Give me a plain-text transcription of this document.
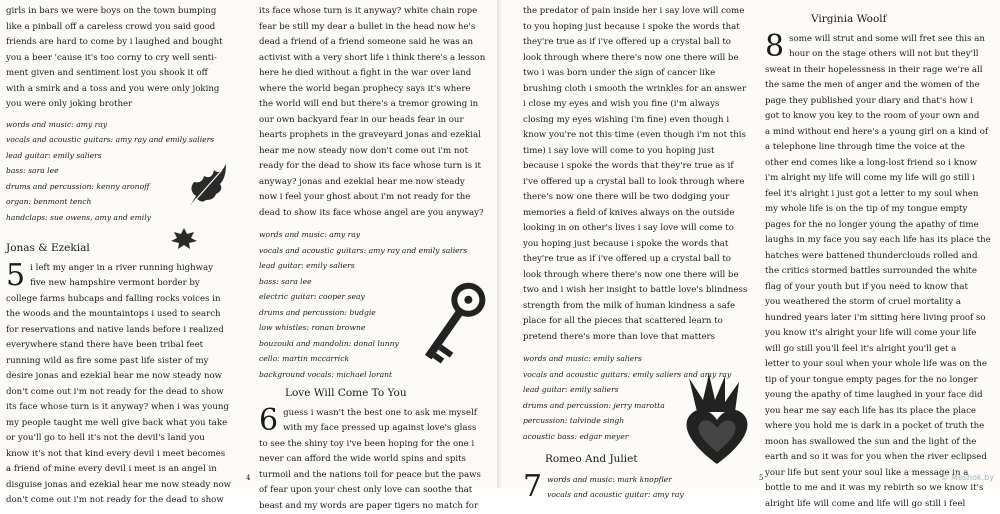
girls in bars we were boys on the town bumping

like a pinball off a careless crowd you said good

friends are hard to come by i laughed and bought

you a beer 'cause it's too corny to cry well senti-

ment given and sentiment lost you shook it off

with a smirk and a toss and you were only joking

you were only joking brother

words and music: amy ray
vocals and acoustic guitars: amy ray and emily saliers
lead guitar: emily saliers
bass: sara lee
drums and percussion: kenny aronoff
organ: benmont tench
handclaps: sue owens, amy and emily
Jonas & Ezekial
5 i left my anger in a river running highway

five new hampshire vermont border by

college farms hubcaps and falling rocks voices in

the woods and the mountaintops i used to search

for reservations and native lands before i realized

everywhere stand there have been tribal feet

running wild as fire some past life sister of my

desire jonas and ezekial hear me now steady now

don't come out i'm not ready for the dead to show

its face whose turn is it anyway? when i was young

my people taught me well give back what you take

or you'll go to hell it's not the devil's land you

know it's not that kind every devil i meet becomes

a friend of mine every devil i meet is an angel in

disguise jonas and ezekial hear me now steady now

don't come out i'm not ready for the dead to show

its face whose turn is it anyway? white chain rope

fear be still my dear a bullet in the head now he's

dead a friend of a friend someone said he was an

activist with a very short life i think there's a lesson

here he died without a fight in the war over land

where the world began prophecy says it's where

the world will end but there's a tremor growing in

our own backyard fear in our heads fear in our

hearts prophets in the graveyard jonas and ezekial

hear me now steady now don't come out i'm not

ready for the dead to show its face whose turn is it

anyway? jonas and ezekial hear me now steady

now i feel your ghost about i'm not ready for the

dead to show its face whose angel are you anyway?

words and music: amy ray
vocals and acoustic guitars: amy ray and emily saliers
lead guitar: emily saliers
bass: sara lee
electric guitar: cooper seay
drums and percussion: budgie
low whistles: ronan browne
bouzouki and mandolin: donal lunny
cello: martin mccarrick
background vocals: michael lorant
Love Will Come To You
6 guess i wasn't the best one to ask me myself

with my face pressed up against love's glass

to see the shiny toy i've been hoping for the one i

never can afford the wide world spins and spits

turmoil and the nations toil for peace but the paws

of fear upon your chest only love can soothe that

beast and my words are paper tigers no match for

4

the predator of pain inside her i say love will come

to you hoping just because i spoke the words that

they're true as if i've offered up a crystal ball to

look through where there's now one there will be

two i was born under the sign of cancer like

brushing cloth i smooth the wrinkles for an answer

i close my eyes and wish you fine (i'm always

closing my eyes wishing i'm fine) even though i

know you're not this time (even though i'm not this

time) i say love will come to you hoping just

because i spoke the words that they're true as if

i've offered up a crystal ball to look through where

there's now one there will be two dodging your

memories a field of knives always on the outside

looking in on other's lives i say love will come to

you hoping just because i spoke the words that

they're true as if i've offered up a crystal ball to

look through where there's now one there will be

two and i wish her insight to battle love's blindness

strength from the milk of human kindness a safe

place for all the pieces that scattered learn to

pretend there's more than love that matters

words and music: emily saliers
vocals and acoustic guitars: emily saliers and amy ray
lead guitar: emily saliers
drums and percussion: jerry marotta
percussion: talvinde singh
acoustic bass: edgar meyer
Romeo And Juliet
7 words and music: mark knopfler
vocals and acoustic guitar: amy ray
Virginia Woolf
8 some will strut and some will fret see this an

hour on the stage others will not but they'll

sweat in their hopelessness in their rage we're all

the same the men of anger and the women of the

page they published your diary and that's how i

got to know you key to the room of your own and

a mind without end here's a young girl on a kind of

a telephone line through time the voice at the

other end comes like a long-lost friend so i know

i'm alright my life will come my life will go still i

feel it's alright i just got a letter to my soul when

my whole life is on the tip of my tongue empty

pages for the no longer young the apathy of time

laughs in my face you say each life has its place the

hatches were battened thunderclouds rolled and

the critics stormed battles surrounded the white

flag of your youth but if you need to know that

you weathered the storm of cruel mortality a

hundred years later i'm sitting here living proof so

you know it's alright your life will come your life

will go still you'll feel it's alright you'll get a

letter to your soul when your whole life was on the

tip of your tongue empty pages for the no longer

young the apathy of time laughed in your face did

you hear me say each life has its place the place

where you hold me is dark in a pocket of truth the

moon has swallowed the sun and the light of the

earth and so it was for you when the river eclipsed

your life but sent your soul like a message in a

bottle to me and it was my rebirth so we know it's

alright life will come and life will go still i feel

5	© Meshok.by
